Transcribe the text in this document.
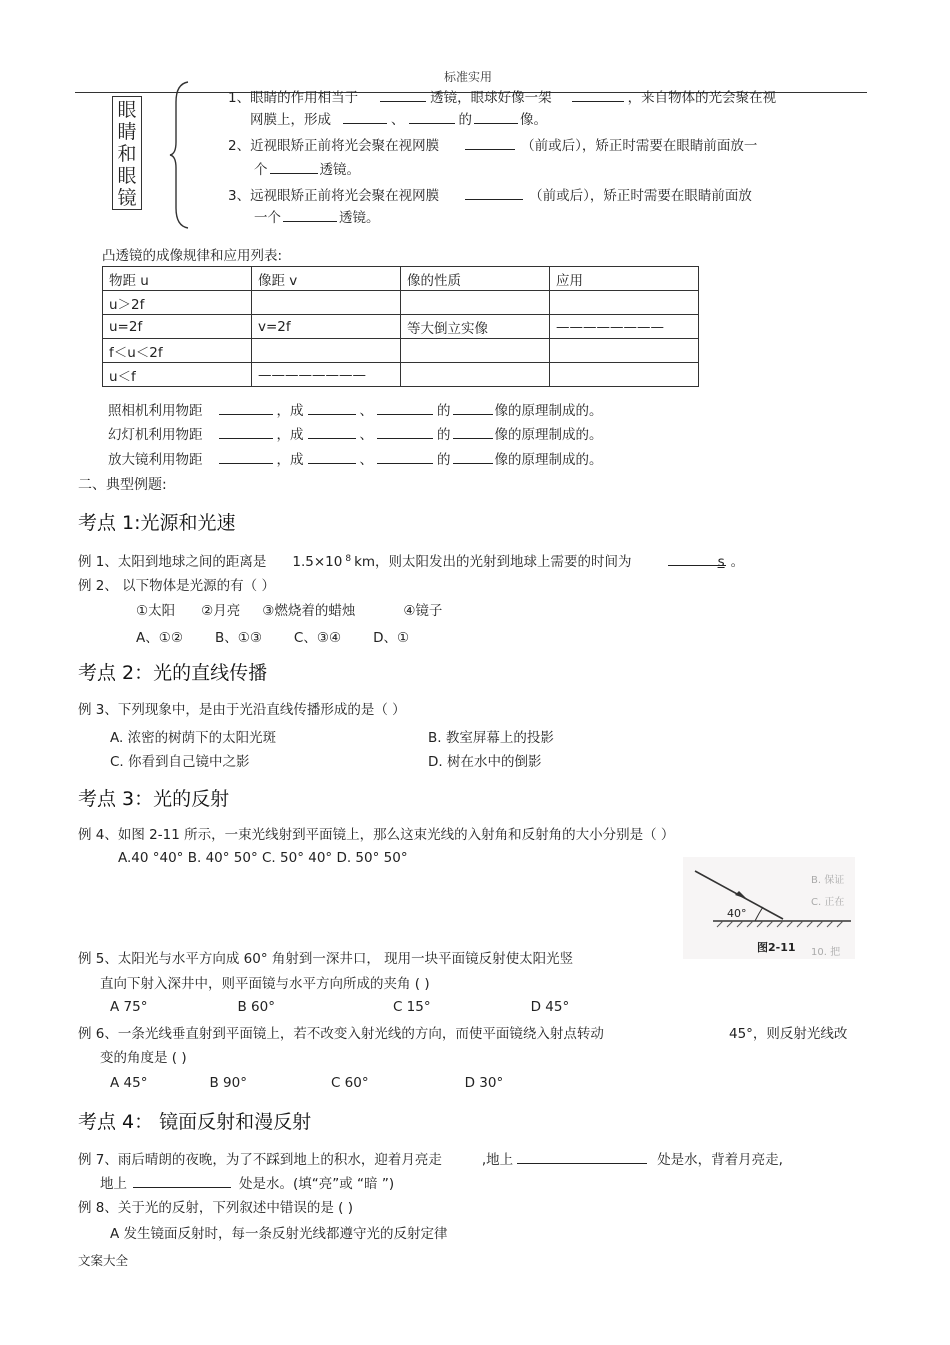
标准实用
眼睛和眼镜
1、眼睛的作用相当于	透镜，眼球好像一架	，来自物体的光会聚在视
网膜上，形成	、	的	像。
2、近视眼矫正前将光会聚在视网膜	（前或后），矫正时需要在眼睛前面放一
个	透镜。
3、远视眼矫正前将光会聚在视网膜	（前或后），矫正时需要在眼睛前面放
一个	透镜。
凸透镜的成像规律和应用列表:
物距 u	像距 v	像的性质	应用
u＞2f			
u=2f	v=2f	等大倒立实像	————————
f＜u＜2f			
u＜f	————————		
照相机利用物距	，成	、	的	像的原理制成的。
幻灯机利用物距	，成	、	的	像的原理制成的。
放大镜利用物距	，成	、	的	像的原理制成的。
二、典型例题:
考点 1:光源和光速
例 1、太阳到地球之间的距离是 1.5×10 $^8$ km，则太阳发出的光射到地球上需要的时间为	s 。
例 2、 以下物体是光源的有（ ）
①太阳 ②月亮 ③燃烧着的蜡烛	④镜子
A、①② B、①③ C、③④ D、①
考点 2：光的直线传播
例 3、下列现象中，是由于光沿直线传播形成的是（ ）
A. 浓密的树荫下的太阳光斑	B. 教室屏幕上的投影
C. 你看到自己镜中之影	D. 树在水中的倒影
考点 3：光的反射
例 4、如图 2-11 所示，一束光线射到平面镜上，那么这束光线的入射角和反射角的大小分别是（ ）
A.40 °40° B. 40° 50° C. 50° 40° D. 50° 50°
40°
图2-11
B. 保证
C. 正在
10. 把
例 5、太阳光与水平方向成 60° 角射到一深井口， 现用一块平面镜反射使太阳光竖
直向下射入深井中，则平面镜与水平方向所成的夹角 ( )
A 75°	B 60°	C 15°	D 45°
例 6、一条光线垂直射到平面镜上，若不改变入射光线的方向，而使平面镜绕入射点转动	45°，则反射光线改
变的角度是 ( )
A 45°	B 90°	C 60°	D 30°
考点 4： 镜面反射和漫反射
例 7、雨后晴朗的夜晚，为了不踩到地上的积水，迎着月亮走	,地上	处是水，背着月亮走,
地上	处是水。(填“亮”或 “暗 ”)
例 8、关于光的反射，下列叙述中错误的是 ( )
A 发生镜面反射时，每一条反射光线都遵守光的反射定律
文案大全
